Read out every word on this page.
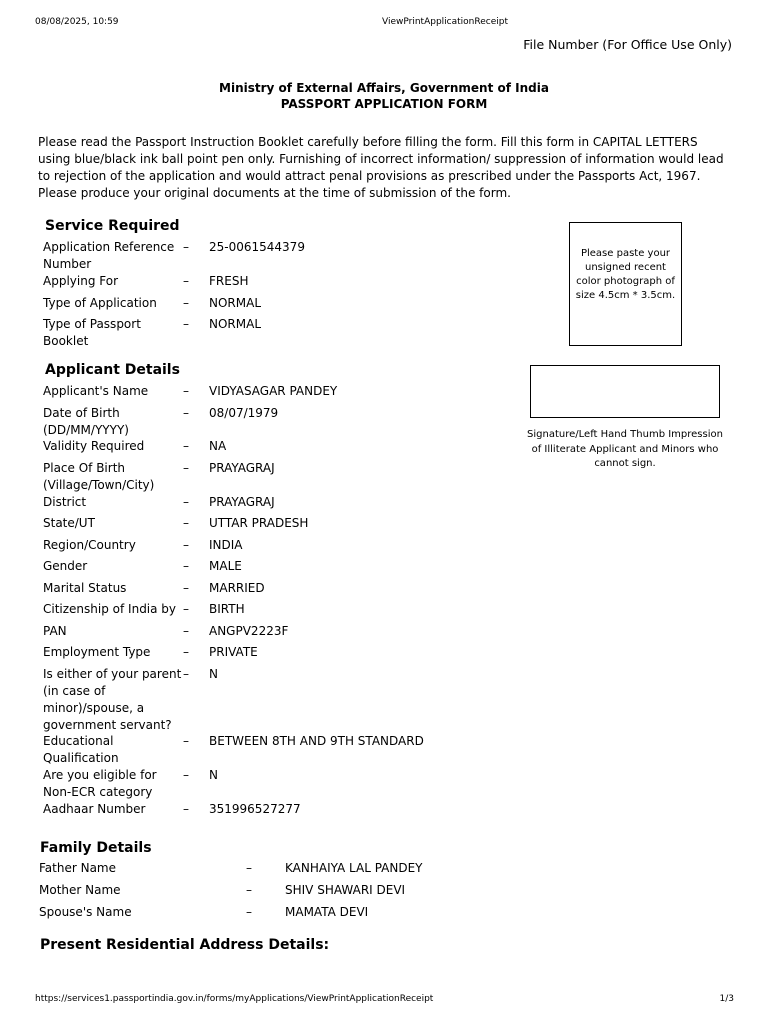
08/08/2025, 10:59	ViewPrintApplicationReceipt
File Number (For Office Use Only)
Ministry of External Affairs, Government of India
PASSPORT APPLICATION FORM
Please read the Passport Instruction Booklet carefully before filling the form. Fill this form in CAPITAL LETTERS using blue/black ink ball point pen only. Furnishing of incorrect information/ suppression of information would lead to rejection of the application and would attract penal provisions as prescribed under the Passports Act, 1967. Please produce your original documents at the time of submission of the form.
Please paste your unsigned recent color photograph of size 4.5cm * 3.5cm.
Signature/Left Hand Thumb Impression of Illiterate Applicant and Minors who cannot sign.
Service Required
Application Reference Number
– 25-0061544379
Applying For	– FRESH
Type of Application	– NORMAL
Type of Passport Booklet
– NORMAL
Applicant Details
Applicant's Name	– VIDYASAGAR PANDEY
Date of Birth (DD/MM/YYYY)
– 08/07/1979
Validity Required	– NA
Place Of Birth (Village/Town/City)
– PRAYAGRAJ
District	– PRAYAGRAJ
State/UT	– UTTAR PRADESH
Region/Country	– INDIA
Gender	– MALE
Marital Status	– MARRIED
Citizenship of India by – BIRTH
PAN	– ANGPV2223F
Employment Type	– PRIVATE
Is either of your parent (in case of minor)/spouse, a government servant?
– N
Educational Qualification
– BETWEEN 8TH AND 9TH STANDARD
Are you eligible for Non-ECR category
– N
Aadhaar Number	– 351996527277
Family Details
Father Name	–	KANHAIYA LAL PANDEY
Mother Name	–	SHIV SHAWARI DEVI
Spouse's Name	–	MAMATA DEVI
Present Residential Address Details:
https://services1.passportindia.gov.in/forms/myApplications/ViewPrintApplicationReceipt	1/3
